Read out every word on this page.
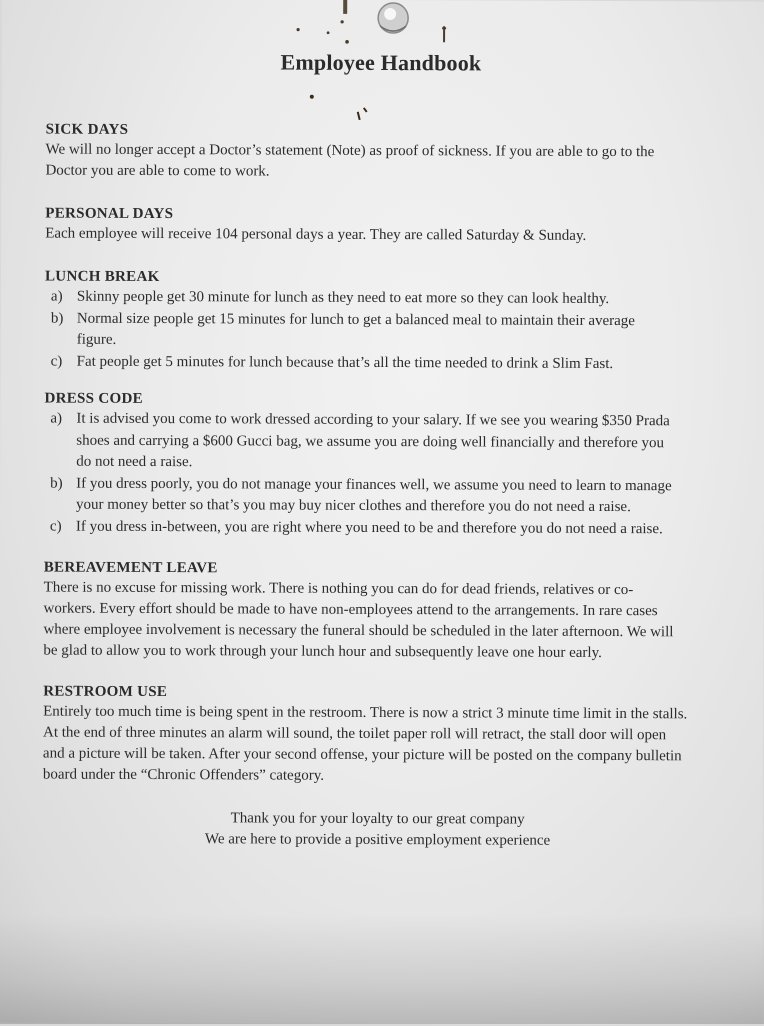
Employee Handbook

SICK DAYS

We will no longer accept a Doctor’s statement (Note) as proof of sickness. If you are able to go to the Doctor you are able to come to work.

PERSONAL DAYS

Each employee will receive 104 personal days a year. They are called Saturday & Sunday.

LUNCH BREAK

a) Skinny people get 30 minute for lunch as they need to eat more so they can look healthy.
b) Normal size people get 15 minutes for lunch to get a balanced meal to maintain their average figure.
c) Fat people get 5 minutes for lunch because that’s all the time needed to drink a Slim Fast.

DRESS CODE

a) It is advised you come to work dressed according to your salary. If we see you wearing $350 Prada shoes and carrying a $600 Gucci bag, we assume you are doing well financially and therefore you do not need a raise.
b) If you dress poorly, you do not manage your finances well, we assume you need to learn to manage your money better so that’s you may buy nicer clothes and therefore you do not need a raise.
c) If you dress in-between, you are right where you need to be and therefore you do not need a raise.

BEREAVEMENT LEAVE

There is no excuse for missing work. There is nothing you can do for dead friends, relatives or co-workers. Every effort should be made to have non-employees attend to the arrangements. In rare cases where employee involvement is necessary the funeral should be scheduled in the later afternoon. We will be glad to allow you to work through your lunch hour and subsequently leave one hour early.

RESTROOM USE

Entirely too much time is being spent in the restroom. There is now a strict 3 minute time limit in the stalls. At the end of three minutes an alarm will sound, the toilet paper roll will retract, the stall door will open and a picture will be taken. After your second offense, your picture will be posted on the company bulletin board under the “Chronic Offenders” category.

Thank you for your loyalty to our great company

We are here to provide a positive employment experience
